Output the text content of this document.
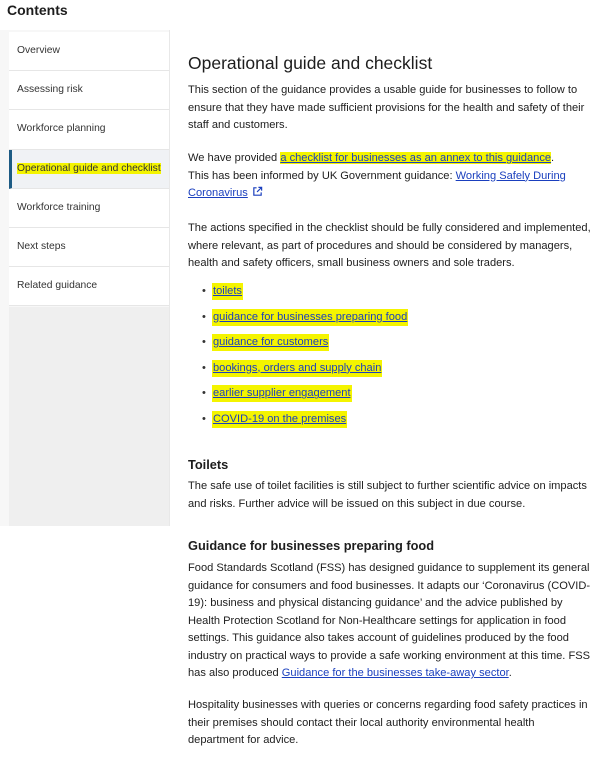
Contents
Overview
Assessing risk
Workforce planning
Operational guide and checklist
Workforce training
Next steps
Related guidance
Operational guide and checklist

This section of the guidance provides a usable guide for businesses to follow to ensure that they have made sufficient provisions for the health and safety of their staff and customers.

We have provided a checklist for businesses as an annex to this guidance.
This has been informed by UK Government guidance: Working Safely During Coronavirus

The actions specified in the checklist should be fully considered and implemented, where relevant, as part of procedures and should be considered by managers, health and safety officers, small business owners and sole traders.

• toilets
• guidance for businesses preparing food
• guidance for customers
• bookings, orders and supply chain
• earlier supplier engagement
• COVID-19 on the premises
Toilets

The safe use of toilet facilities is still subject to further scientific advice on impacts and risks. Further advice will be issued on this subject in due course.

Guidance for businesses preparing food

Food Standards Scotland (FSS) has designed guidance to supplement its general guidance for consumers and food businesses. It adapts our ‘Coronavirus (COVID-19): business and physical distancing guidance’ and the advice published by Health Protection Scotland for Non-Healthcare settings for application in food settings. This guidance also takes account of guidelines produced by the food industry on practical ways to provide a safe working environment at this time. FSS has also produced Guidance for the businesses take-away sector.

Hospitality businesses with queries or concerns regarding food safety practices in their premises should contact their local authority environmental health department for advice.
